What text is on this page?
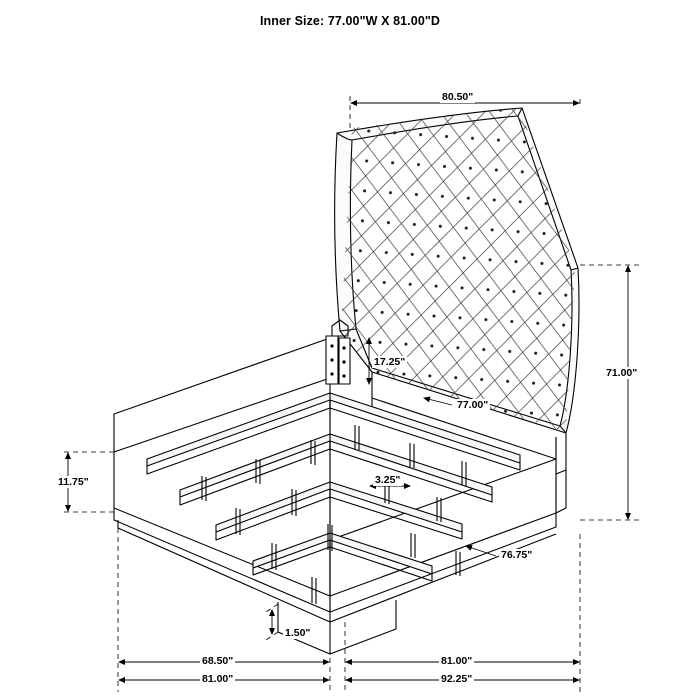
Inner Size: 77.00"W X 81.00"D
80.50"
71.00"
17.25"
77.00"
3.25"
11.75"
76.75"
1.50"
68.50"	81.00"
81.00"	92.25"
